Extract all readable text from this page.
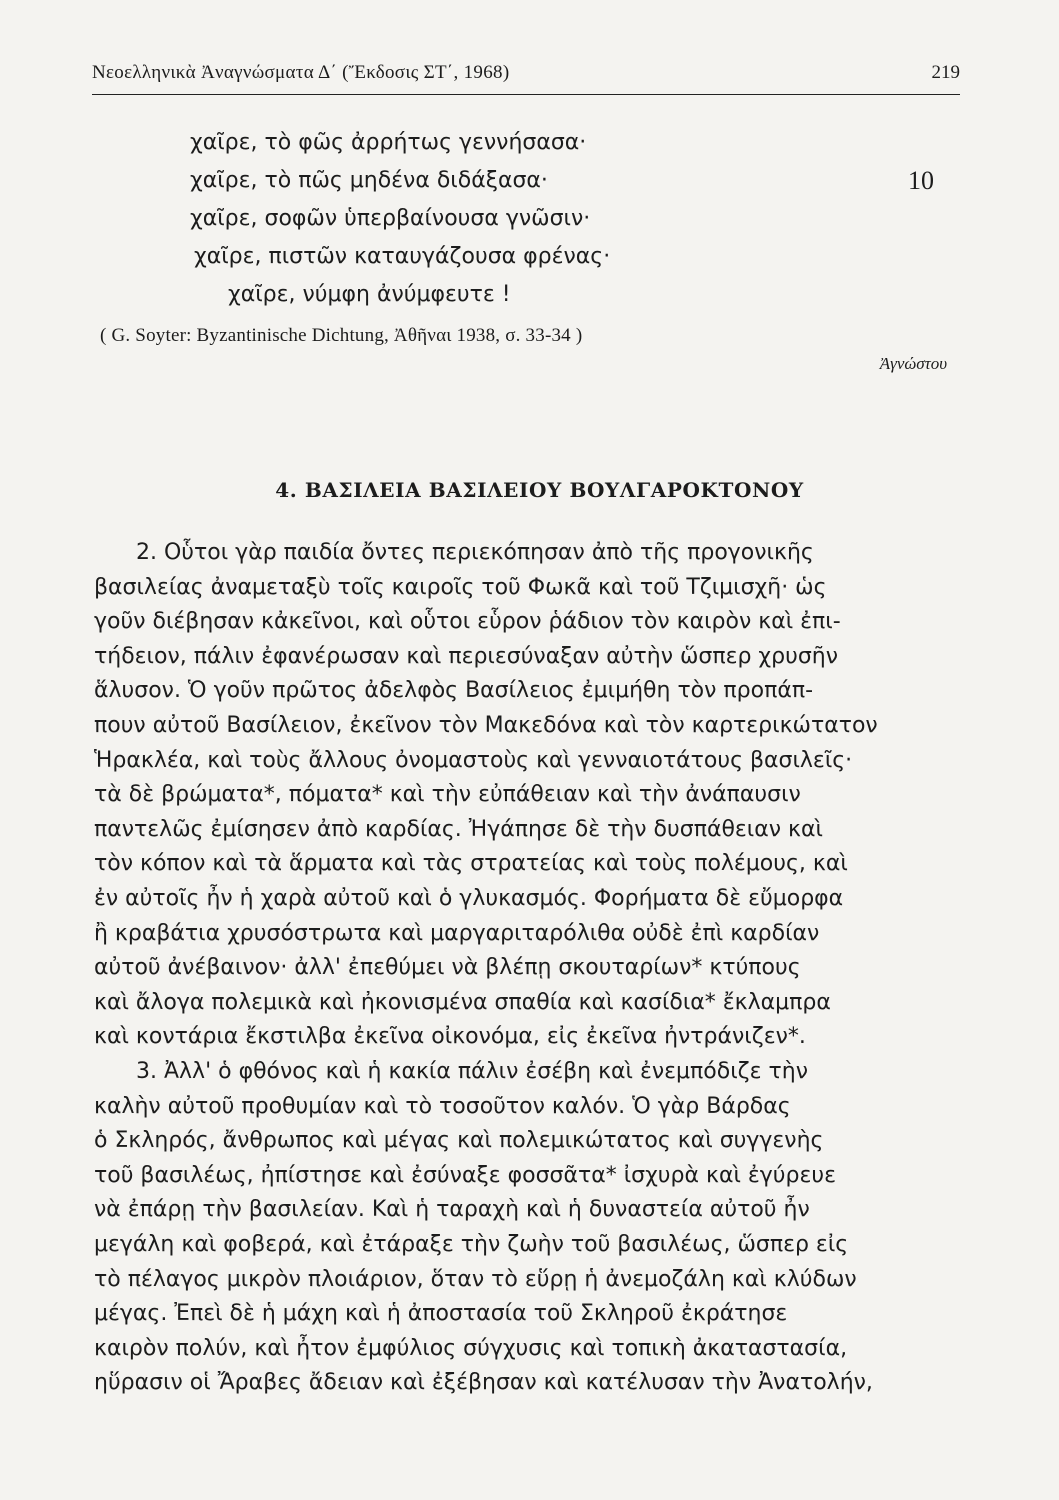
Νεοελληνικὰ Ἀναγνώσματα Δ΄ (Ἔκδοσις ΣΤ΄, 1968)	219
χαῖρε, τὸ φῶς ἀρρήτως γεννήσασα·
χαῖρε, τὸ πῶς μηδένα διδάξασα·
χαῖρε, σοφῶν ὑπερβαίνουσα γνῶσιν·
χαῖρε, πιστῶν καταυγάζουσα φρένας·
χαῖρε, νύμφη ἀνύμφευτε !
10
( G. Soyter: Byzantinische Dichtung, Ἀθῆναι 1938, σ. 33-34 )
Ἀγνώστου
4. ΒΑΣΙΛΕΙΑ ΒΑΣΙΛΕΙΟΥ ΒΟΥΛΓΑΡΟΚΤΟΝΟΥ
2. Οὗτοι γὰρ παιδία ὄντες περιεκόπησαν ἀπὸ τῆς προγονικῆς
βασιλείας ἀναμεταξὺ τοῖς καιροῖς τοῦ Φωκᾶ καὶ τοῦ Τζιμισχῆ· ὡς
γοῦν διέβησαν κἀκεῖνοι, καὶ οὗτοι εὗρον ῥάδιον τὸν καιρὸν καὶ ἐπι-
τήδειον, πάλιν ἐφανέρωσαν καὶ περιεσύναξαν αὐτὴν ὥσπερ χρυσῆν
ἅλυσον. Ὁ γοῦν πρῶτος ἀδελφὸς Βασίλειος ἐμιμήθη τὸν προπάπ-
πουν αὐτοῦ Βασίλειον, ἐκεῖνον τὸν Μακεδόνα καὶ τὸν καρτερικώτατον
Ἡρακλέα, καὶ τοὺς ἄλλους ὀνομαστοὺς καὶ γενναιοτάτους βασιλεῖς·
τὰ δὲ βρώματα*, πόματα* καὶ τὴν εὐπάθειαν καὶ τὴν ἀνάπαυσιν
παντελῶς ἐμίσησεν ἀπὸ καρδίας. Ἠγάπησε δὲ τὴν δυσπάθειαν καὶ
τὸν κόπον καὶ τὰ ἅρματα καὶ τὰς στρατείας καὶ τοὺς πολέμους, καὶ
ἐν αὐτοῖς ἦν ἡ χαρὰ αὐτοῦ καὶ ὁ γλυκασμός. Φορήματα δὲ εὔμορφα
ἢ κραβάτια χρυσόστρωτα καὶ μαργαριταρόλιθα οὐδὲ ἐπὶ καρδίαν
αὐτοῦ ἀνέβαινον· ἀλλ' ἐπεθύμει νὰ βλέπῃ σκουταρίων* κτύπους
καὶ ἄλογα πολεμικὰ καὶ ἠκονισμένα σπαθία καὶ κασίδια* ἔκλαμπρα
καὶ κοντάρια ἔκστιλβα ἐκεῖνα οἰκονόμα, εἰς ἐκεῖνα ἠντράνιζεν*.
3. Ἀλλ' ὁ φθόνος καὶ ἡ κακία πάλιν ἐσέβη καὶ ἐνεμπόδιζε τὴν
καλὴν αὐτοῦ προθυμίαν καὶ τὸ τοσοῦτον καλόν. Ὁ γὰρ Βάρδας
ὁ Σκληρός, ἄνθρωπος καὶ μέγας καὶ πολεμικώτατος καὶ συγγενὴς
τοῦ βασιλέως, ἠπίστησε καὶ ἐσύναξε φοσσᾶτα* ἰσχυρὰ καὶ ἐγύρευε
νὰ ἐπάρῃ τὴν βασιλείαν. Καὶ ἡ ταραχὴ καὶ ἡ δυναστεία αὐτοῦ ἦν
μεγάλη καὶ φοβερά, καὶ ἐτάραξε τὴν ζωὴν τοῦ βασιλέως, ὥσπερ εἰς
τὸ πέλαγος μικρὸν πλοιάριον, ὅταν τὸ εὕρῃ ἡ ἀνεμοζάλη καὶ κλύδων
μέγας. Ἐπεὶ δὲ ἡ μάχη καὶ ἡ ἀποστασία τοῦ Σκληροῦ ἐκράτησε
καιρὸν πολύν, καὶ ἦτον ἐμφύλιος σύγχυσις καὶ τοπικὴ ἀκαταστασία,
ηὕρασιν οἱ Ἄραβες ἄδειαν καὶ ἐξέβησαν καὶ κατέλυσαν τὴν Ἀνατολήν,
